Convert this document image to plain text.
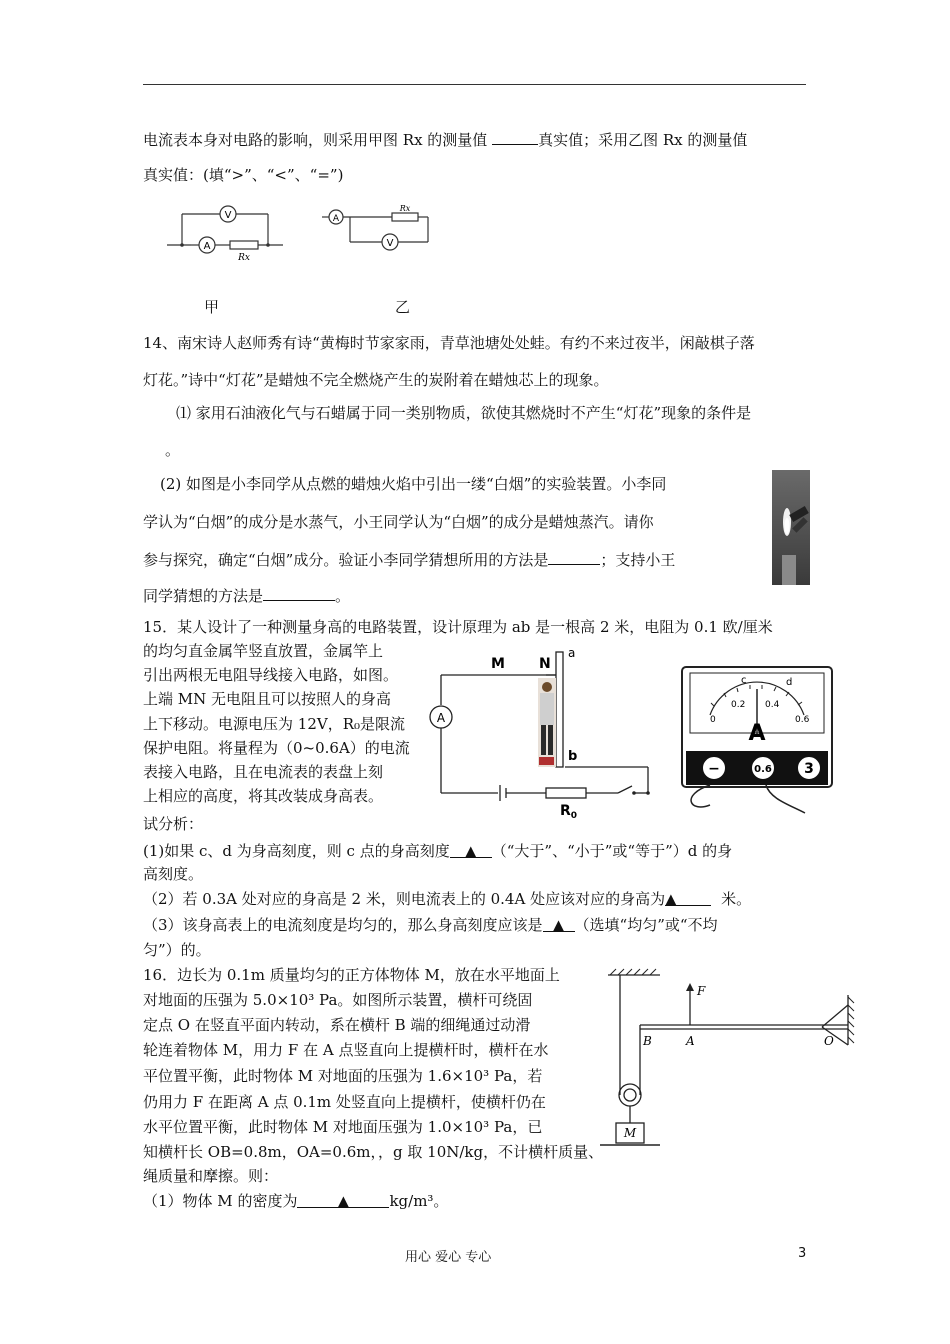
电流表本身对电路的影响，则采用甲图 Rx 的测量值	真实值；采用乙图 Rx 的测量值
真实值：(填“>”、“<”、“=”)
V
A
Rx
A
V
Rx
甲	乙
14、南宋诗人赵师秀有诗“黄梅时节家家雨，青草池塘处处蛙。有约不来过夜半，闲敲棋子落
灯花。”诗中“灯花”是蜡烛不完全燃烧产生的炭附着在蜡烛芯上的现象。
⑴ 家用石油液化气与石蜡属于同一类别物质，欲使其燃烧时不产生“灯花”现象的条件是
。
(2) 如图是小李同学从点燃的蜡烛火焰中引出一缕“白烟”的实验装置。小李同
学认为“白烟”的成分是水蒸气，小王同学认为“白烟”的成分是蜡烛蒸汽。请你
参与探究，确定“白烟”成分。验证小李同学猜想所用的方法是	；支持小王
同学猜想的方法是	。
15．某人设计了一种测量身高的电路装置，设计原理为 ab 是一根高 2 米，电阻为 0.1 欧/厘米
的均匀直金属竿竖直放置，金属竿上
引出两根无电阻导线接入电路，如图。
上端 MN 无电阻且可以按照人的身高
上下移动。电源电压为 12V，R₀是限流
保护电阻。将量程为（0~0.6A）的电流
表接入电路，且在电流表的表盘上刻
上相应的高度，将其改装成身高表。
试分析：
M N
a
b
A
$R_0$
c	d
0
0.2 0.4
0.6
A
−	0.6 3
(1)如果 c、d 为身高刻度，则 c 点的身高刻度 ▲ （“大于”、“小于”或“等于”）d 的身
高刻度。
（2）若 0.3A 处对应的身高是 2 米，则电流表上的 0.4A 处应该对应的身高为▲	米。
（3）该身高表上的电流刻度是均匀的，那么身高刻度应该是 ▲ （选填“均匀”或“不均
匀”）的。
16．边长为 0.1m 质量均匀的正方体物体 M，放在水平地面上
对地面的压强为 5.0×10³ Pa。如图所示装置，横杆可绕固
定点 O 在竖直平面内转动，系在横杆 B 端的细绳通过动滑
轮连着物体 M，用力 F 在 A 点竖直向上提横杆时，横杆在水
平位置平衡，此时物体 M 对地面的压强为 1.6×10³ Pa，若
仍用力 F 在距离 A 点 0.1m 处竖直向上提横杆，使横杆仍在
水平位置平衡，此时物体 M 对地面压强为 1.0×10³ Pa，已
知横杆长 OB=0.8m，OA=0.6m，，g 取 10N/kg，不计横杆质量、
绳质量和摩擦。则：
（1）物体 M 的密度为	▲	kg/m³。
F
B	A	O
M
用心 爱心 专心	3
